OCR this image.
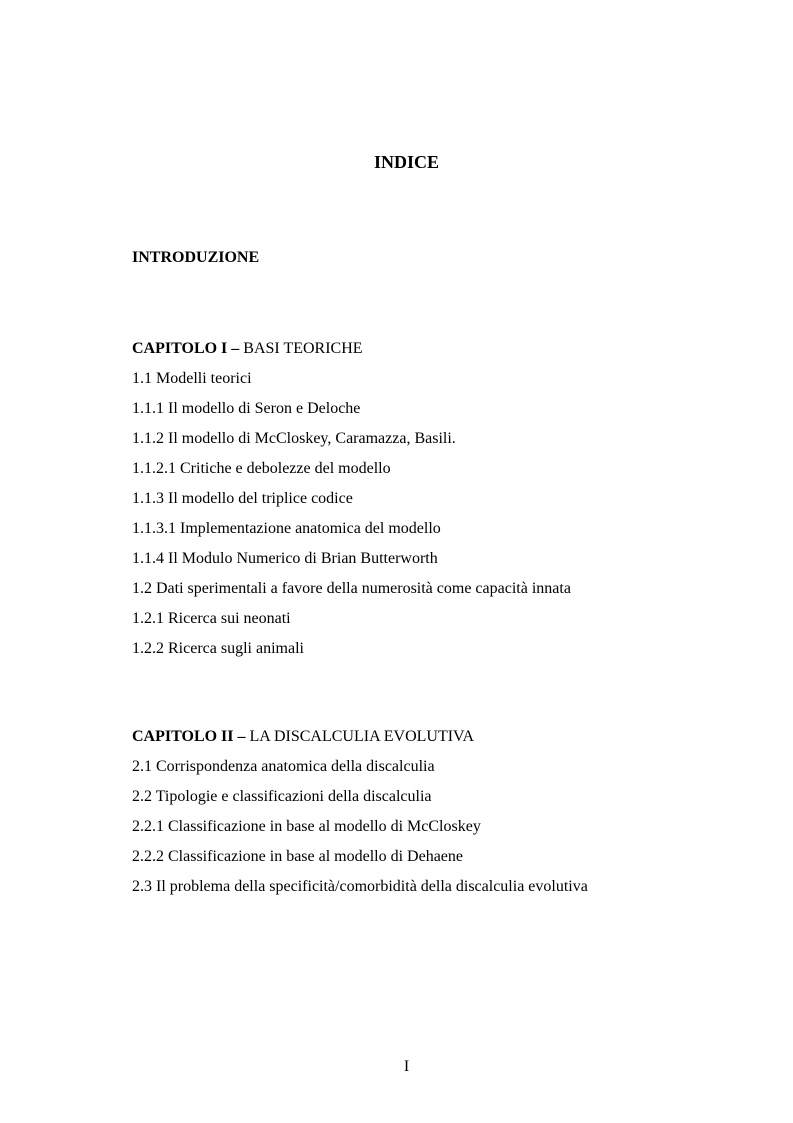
INDICE
INTRODUZIONE
CAPITOLO I – BASI TEORICHE
1.1 Modelli teorici
1.1.1 Il modello di Seron e Deloche
1.1.2 Il modello di McCloskey, Caramazza, Basili.
1.1.2.1 Critiche e debolezze del modello
1.1.3 Il modello del triplice codice
1.1.3.1 Implementazione anatomica del modello
1.1.4 Il Modulo Numerico di Brian Butterworth
1.2 Dati sperimentali a favore della numerosità come capacità innata
1.2.1 Ricerca sui neonati
1.2.2 Ricerca sugli animali
CAPITOLO II – LA DISCALCULIA EVOLUTIVA
2.1 Corrispondenza anatomica della discalculia
2.2 Tipologie e classificazioni della discalculia
2.2.1 Classificazione in base al modello di McCloskey
2.2.2 Classificazione in base al modello di Dehaene
2.3 Il problema della specificità/comorbidità della discalculia evolutiva
I
